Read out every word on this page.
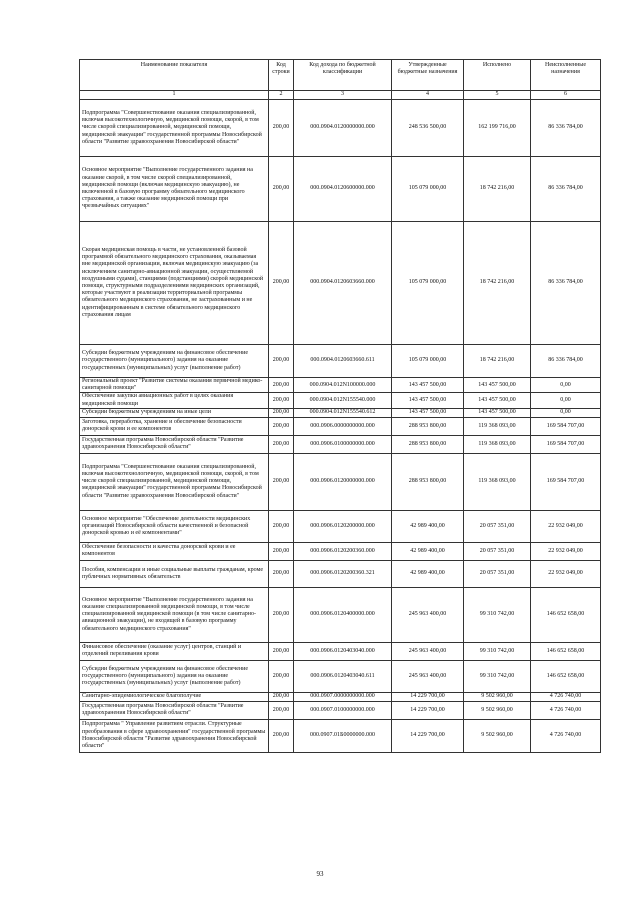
Наименование показателя	Код строки	Код дохода по бюджетной классификации	Утвержденные бюджетные назначения	Исполнено	Неисполненные назначения
1	2	3	4	5	6
Подпрограмма "Совершенствование оказания специализированной, включая высокотехнологичную, медицинской помощи, скорой, в том числе скорой специализированной, медицинской помощи, медицинской эвакуации" государственной программы Новосибирской области "Развитие здравоохранения Новосибирской области"	200,00	000.0904.0120000000.000	248 536 500,00	162 199 716,00	86 336 784,00
Основное мероприятие "Выполнение государственного задания на оказание скорой, в том числе скорой специализированной, медицинской помощи (включая медицинскую эвакуацию), не включенной в базовую программу обязательного медицинского страхования, а также оказание медицинской помощи при чрезвычайных ситуациях"	200,00	000.0904.0120600000.000	105 079 000,00	18 742 216,00	86 336 784,00
Скорая медицинская помощь в части, не установленной базовой программой обязательного медицинского страхования, оказываемая вне медицинской организации, включая медицинскую эвакуацию (за исключением санитарно-авиационной эвакуации, осуществляемой воздушными судами), станциями (подстанциями) скорой медицинской помощи, структурными подразделениями медицинских организаций, которые участвуют в реализации территориальной программы обязательного медицинского страхования, не застрахованным и не идентифицированным в системе обязательного медицинского страхования лицам	200,00	000.0904.0120603660.000	105 079 000,00	18 742 216,00	86 336 784,00
Субсидии бюджетным учреждениям на финансовое обеспечение государственного (муниципального) задания на оказание государственных (муниципальных) услуг (выполнение работ)	200,00	000.0904.0120603660.611	105 079 000,00	18 742 216,00	86 336 784,00
Региональный проект "Развитие системы оказания первичной медико-санитарной помощи"	200,00	000.0904.012N100000.000	143 457 500,00	143 457 500,00	0,00
Обеспечение закупки авиационных работ в целях оказания медицинской помощи	200,00	000.0904.012N155540.000	143 457 500,00	143 457 500,00	0,00
Субсидии бюджетным учреждениям на иные цели	200,00	000.0904.012N155540.612	143 457 500,00	143 457 500,00	0,00
Заготовка, переработка, хранение и обеспечение безопасности донорской крови и ее компонентов	200,00	000.0906.0000000000.000	288 953 800,00	119 368 093,00	169 584 707,00
Государственная программа Новосибирской области "Развитие здравоохранения Новосибирской области"	200,00	000.0906.0100000000.000	288 953 800,00	119 368 093,00	169 584 707,00
Подпрограмма "Совершенствование оказания специализированной, включая высокотехнологичную, медицинской помощи, скорой, в том числе скорой специализированной, медицинской помощи, медицинской эвакуации" государственной программы Новосибирской области "Развитие здравоохранения Новосибирской области"	200,00	000.0906.0120000000.000	288 953 800,00	119 368 093,00	169 584 707,00
Основное мероприятие "Обеспечение деятельности медицинских организаций Новосибирской области качественной и безопасной донорской кровью и её компонентами"	200,00	000.0906.0120200000.000	42 989 400,00	20 057 351,00	22 932 049,00
Обеспечение безопасности и качества донорской крови и ее компонентов	200,00	000.0906.0120200360.000	42 989 400,00	20 057 351,00	22 932 049,00
Пособия, компенсации и иные социальные выплаты гражданам, кроме публичных нормативных обязательств	200,00	000.0906.0120200360.321	42 989 400,00	20 057 351,00	22 932 049,00
Основное мероприятие "Выполнение государственного задания на оказание специализированной медицинской помощи, в том числе специализированной медицинской помощи (в том числе санитарно-авиационной эвакуации), не входящей в базовую программу обязательного медицинского страхования"	200,00	000.0906.0120400000.000	245 963 400,00	99 310 742,00	146 652 658,00
Финансовое обеспечение (оказание услуг) центров, станций и отделений переливания крови	200,00	000.0906.0120403040.000	245 963 400,00	99 310 742,00	146 652 658,00
Субсидии бюджетным учреждениям на финансовое обеспечение государственного (муниципального) задания на оказание государственных (муниципальных) услуг (выполнение работ)	200,00	000.0906.0120403040.611	245 963 400,00	99 310 742,00	146 652 658,00
Санитарно-эпидемиологическое благополучие	200,00	000.0907.0000000000.000	14 229 700,00	9 502 960,00	4 726 740,00
Государственная программа Новосибирской области "Развитие здравоохранения Новосибирской области"	200,00	000.0907.0100000000.000	14 229 700,00	9 502 960,00	4 726 740,00
Подпрограмма " Управление развитием отрасли. Структурные преобразования в сфере здравоохранения" государственной программы Новосибирской области "Развитие здравоохранения Новосибирской области"	200,00	000.0907.01Б0000000.000	14 229 700,00	9 502 960,00	4 726 740,00
93
